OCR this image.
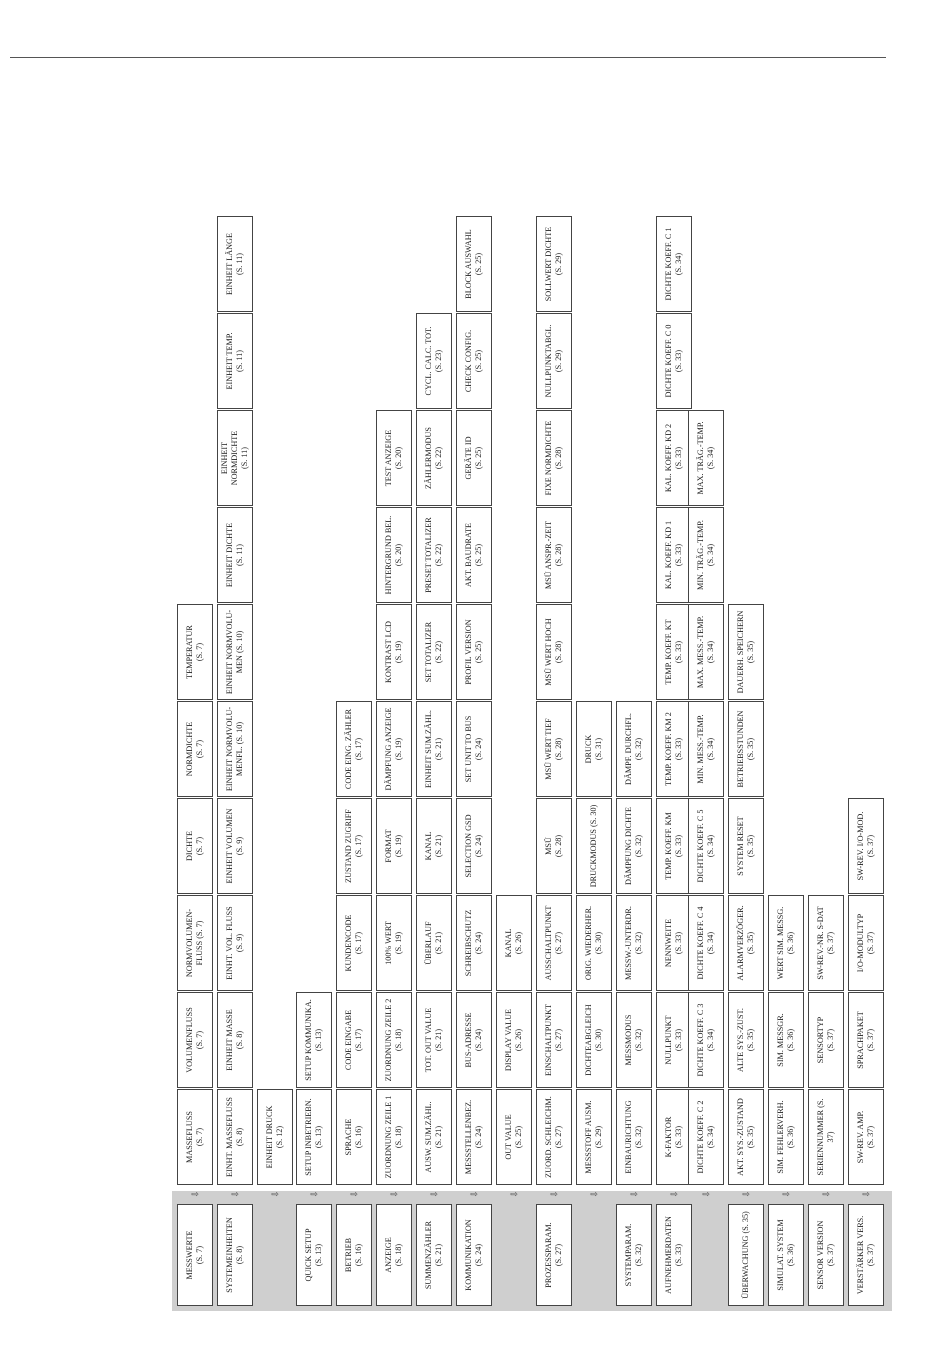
MESSWERTE
(S. 7)
⇨
MASSEFLUSS
(S. 7)
VOLUMENFLUSS
(S. 7)
NORMVOLUMEN-
FLUSS (S. 7)
DICHTE
(S. 7)
NORMDICHTE
(S. 7)
TEMPERATUR
(S. 7)
SYSTEMEINHEITEN
(S. 8)
⇨
EINHT. MASSEFLUSS
(S. 8)
EINHEIT MASSE
(S. 8)
EINHT. VOL. FLUSS
(S. 9)
EINHEIT VOLUMEN
(S. 9)
EINHEIT NORMVOLU-
MENFL. (S. 10)
EINHEIT NORMVOLU-
MEN (S. 10)
EINHEIT DICHTE
(S. 11)
EINHEIT NORMDICHTE
(S. 11)
EINHEIT TEMP.
(S. 11)
EINHEIT LÄNGE
(S. 11)
⇨
EINHEIT DRUCK
(S. 12)
QUICK SETUP
(S. 13)
⇨
SETUP INBETRIEBN.
(S. 13)
SETUP KOMMUNIKA.
(S. 13)
BETRIEB
(S. 16)
⇨
SPRACHE
(S. 16)
CODE EINGABE
(S. 17)
KUNDENCODE
(S. 17)
ZUSTAND ZUGRIFF
(S. 17)
CODE EING. ZÄHLER
(S. 17)
ANZEIGE
(S. 18)
⇨
ZUORDNUNG ZEILE 1
(S. 18)
ZUORDNUNG ZEILE 2
(S. 18)
100% WERT
(S. 19)
FORMAT
(S. 19)
DÄMPFUNG ANZEIGE
(S. 19)
KONTRAST LCD
(S. 19)
HINTERGRUND BEL.
(S. 20)
TEST ANZEIGE
(S. 20)
SUMMENZÄHLER
(S. 21)
⇨
AUSW. SUM.ZÄHL.
(S. 21)
TOT. OUT VALUE
(S. 21)
ÜBERLAUF
(S. 21)
KANAL
(S. 21)
EINHEIT SUM.ZÄHL.
(S. 21)
SET TOTALIZER
(S. 22)
PRESET TOTALIZER
(S. 22)
ZÄHLERMODUS
(S. 22)
CYCL. CALC. TOT.
(S. 23)
KOMMUNIKATION
(S. 24)
⇨
MESSSTELLENBEZ.
(S. 24)
BUS-ADRESSE
(S. 24)
SCHREIBSCHUTZ
(S. 24)
SELECTION GSD
(S. 24)
SET UNIT TO BUS
(S. 24)
PROFIL VERSION
(S. 25)
AKT. BAUDRATE
(S. 25)
GERÄTE ID
(S. 25)
CHECK CONFIG.
(S. 25)
BLOCK AUSWAHL
(S. 25)
⇨
OUT VALUE
(S. 25)
DISPLAY VALUE
(S. 26)
KANAL
(S. 26)
PROZESSPARAM.
(S. 27)
⇨
ZUORD. SCHLEICHM.
(S. 27)
EINSCHALTPUNKT
(S. 27)
AUSSCHALTPUNKT
(S. 27)
MSÜ
(S. 28)
MSÜ WERT TIEF
(S. 28)
MSÜ WERT HOCH
(S. 28)
MSÜ ANSPR.-ZEIT
(S. 28)
FIXE NORMDICHTE
(S. 28)
NULLPUNKTABGL.
(S. 29)
SOLLWERT DICHTE
(S. 29)
⇨
MESSSTOFF AUSM.
(S. 29)
DICHTEABGLEICH
(S. 30)
ORIG. WIEDERHER.
(S. 30)
DRUCKMODUS (S. 30)
DRUCK
(S. 31)
SYSTEMPARAM.
(S. 32)
⇨
EINBAURICHTUNG
(S. 32)
MESSMODUS
(S. 32)
MESSW.-UNTERDR.
(S. 32)
DÄMPFUNG DICHTE
(S. 32)
DÄMPF. DURCHFL.
(S. 32)
AUFNEHMERDATEN
(S. 33)
⇨
K-FAKTOR
(S. 33)
NULLPUNKT
(S. 33)
NENNWEITE
(S. 33)
TEMP. KOEFF. KM
(S. 33)
TEMP. KOEFF. KM 2
(S. 33)
TEMP. KOEFF. KT
(S. 33)
KAL. KOEFF. KD 1
(S. 33)
KAL. KOEFF. KD 2
(S. 33)
DICHTE KOEFF. C 0
(S. 33)
DICHTE KOEFF. C 1
(S. 34)
⇨
DICHTE KOEFF. C 2
(S. 34)
DICHTE KOEFF. C 3
(S. 34)
DICHTE KOEFF. C 4
(S. 34)
DICHTE KOEFF. C 5
(S. 34)
MIN. MESS.-TEMP.
(S. 34)
MAX. MESS.-TEMP.
(S. 34)
MIN. TRÄG.-TEMP.
(S. 34)
MAX. TRÄG.-TEMP.
(S. 34)
ÜBERWACHUNG (S. 35)
⇨
AKT. SYS.-ZUSTAND
(S. 35)
ALTE SYS.-ZUST.
(S. 35)
ALARMVERZÖGER.
(S. 35)
SYSTEM RESET
(S. 35)
BETRIEBSSTUNDEN
(S. 35)
DAUERH. SPEICHERN
(S. 35)
SIMULAT. SYSTEM
(S. 36)
⇨
SIM. FEHLERVERH.
(S. 36)
SIM. MESSGR.
(S. 36)
WERT SIM. MESSG.
(S. 36)
SENSOR VERSION
(S. 37)
⇨
SERIENNUMMER (S. 37)
SENSORTYP
(S. 37)
SW-REV.-NR. S-DAT
(S. 37)
VERSTÄRKER VERS.
(S. 37)
⇨
SW-REV. AMP.
(S. 37)
SPRACHPAKET
(S. 37)
I/O-MODULTYP
(S. 37)
SW-REV. I/O-MOD.
(S. 37)
